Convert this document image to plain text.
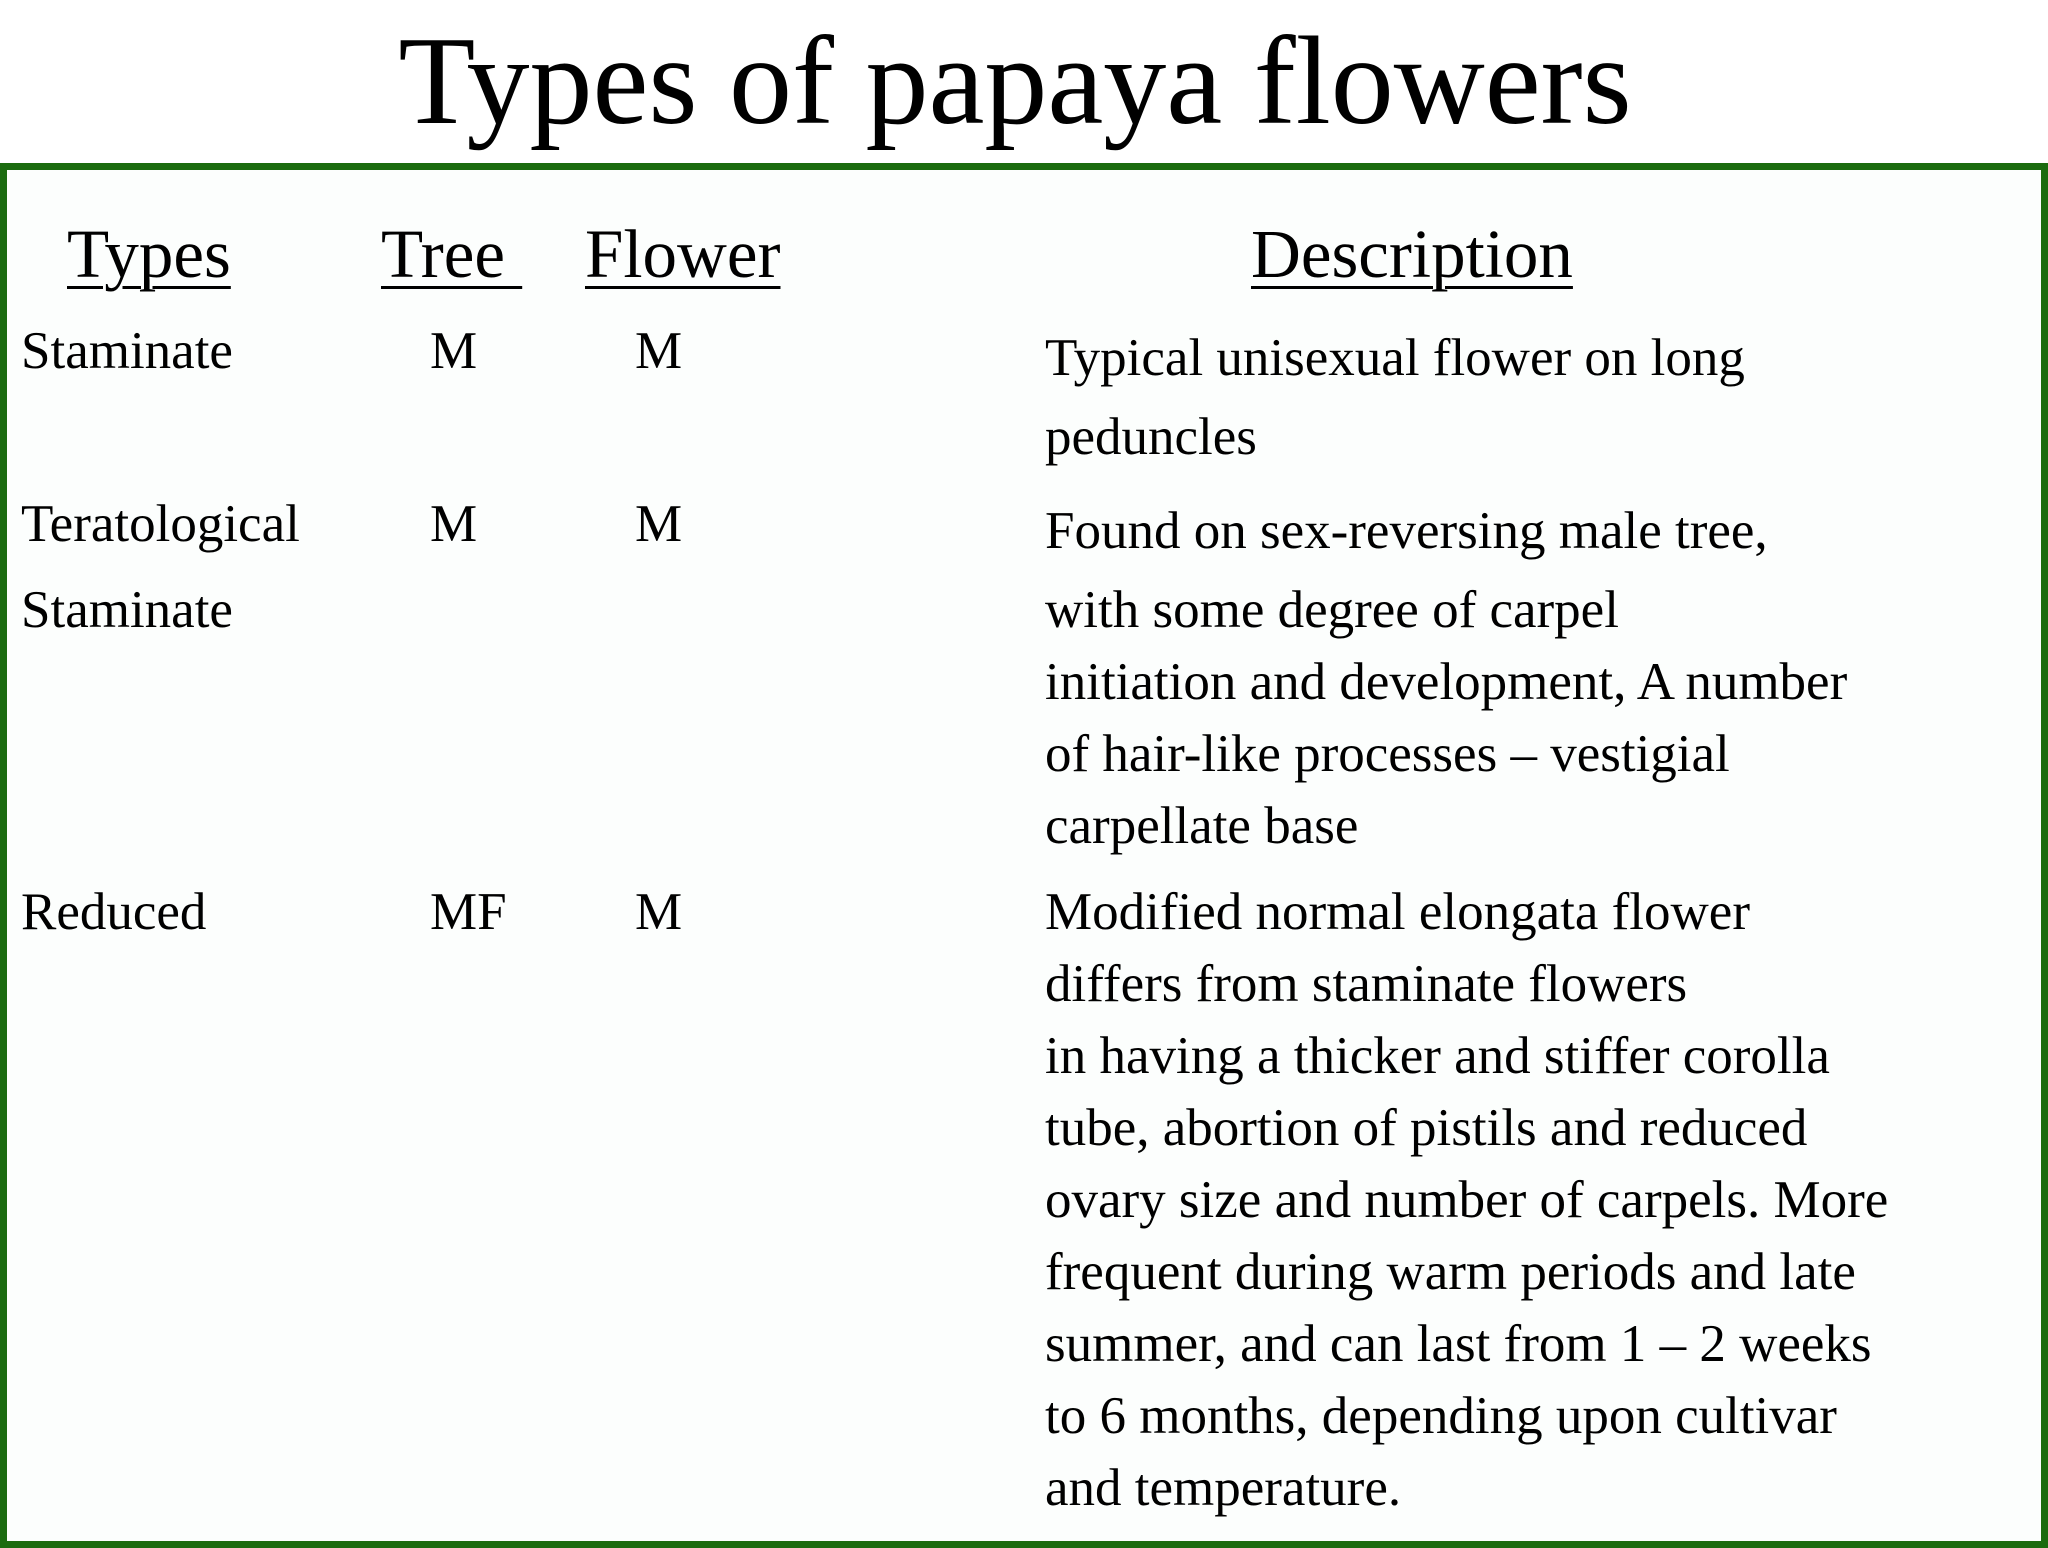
Types of papaya flowers
Types Tree Flower	Description
Staminate	M	M	Typical unisexual flower on long
peduncles
Teratological
Staminate
M	M	Found on sex-reversing male tree,
with some degree of carpel
initiation and development, A number
of hair-like processes – vestigial
carpellate base
Reduced	MF M	Modified normal elongata flower
differs from staminate flowers
in having a thicker and stiffer corolla
tube, abortion of pistils and reduced
ovary size and number of carpels. More
frequent during warm periods and late
summer, and can last from 1 – 2 weeks
to 6 months, depending upon cultivar
and temperature.
